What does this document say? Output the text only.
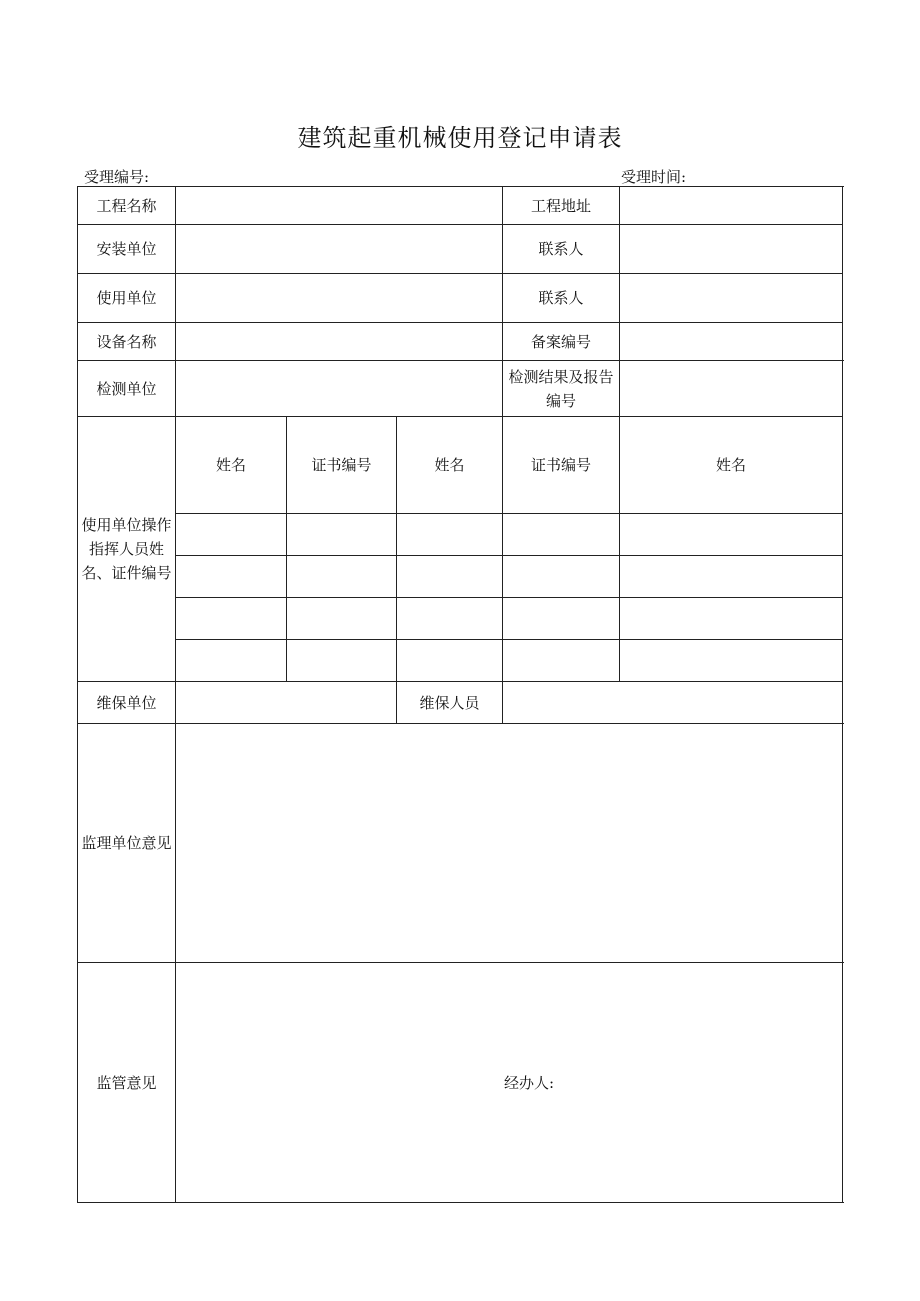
建筑起重机械使用登记申请表
受理编号:	受理时间:
工程名称				工程地址		
安装单位				联系人			
使用单位				联系人			
设备名称				备案编号		
检测单位				检测结果及报告编号		
使用单位操作指挥人员姓名、证件编号	姓名	证书编号	姓名	证书编号	姓名	

维保单位			维保人员			
监理单位意见						
监管意见	经办人:					
